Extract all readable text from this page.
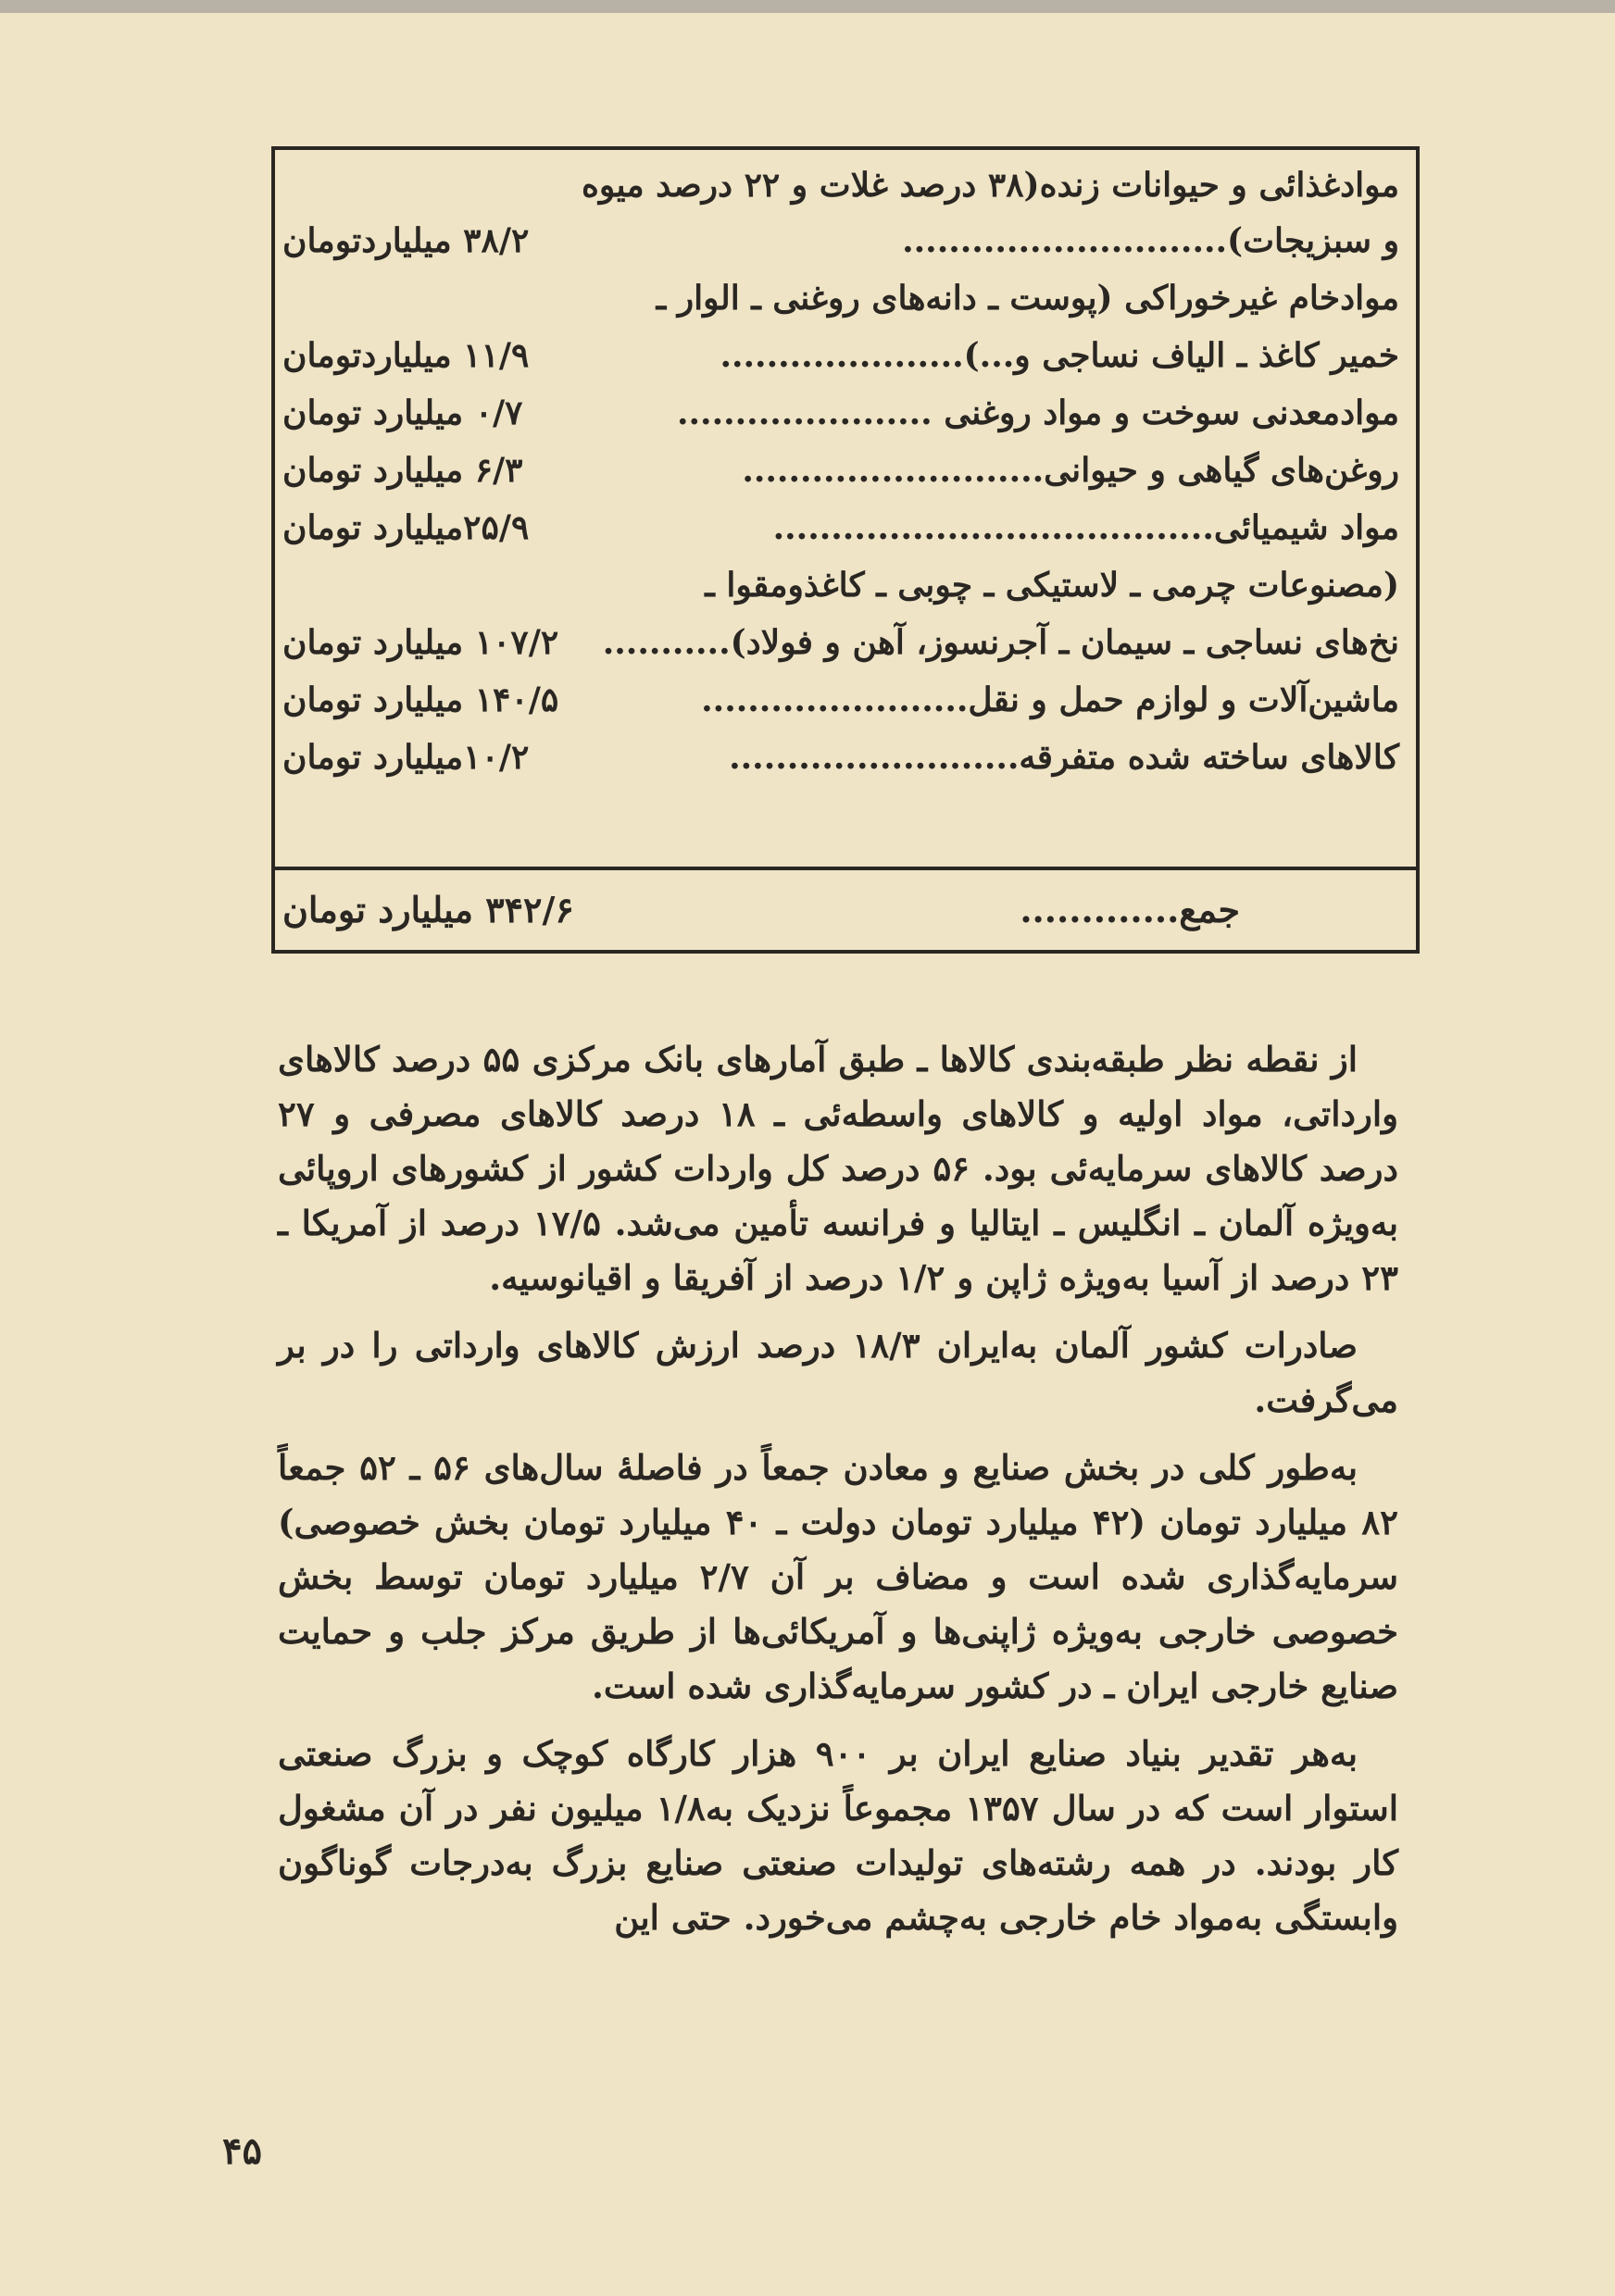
موادغذائی و حیوانات زنده(۳۸ درصد غلات و ۲۲ درصد میوه
و سبزیجات)............................
۳۸/۲ میلیاردتومان
موادخام غیرخوراکی (پوست ـ دانه‌های روغنی ـ الوار ـ
خمیر کاغذ ـ الیاف نساجی و...).....................
۱۱/۹ میلیاردتومان
موادمعدنی سوخت و مواد روغنی ......................
۰/۷ میلیارد تومان
روغن‌های گیاهی و حیوانی..........................
۶/۳ میلیارد تومان
مواد شیمیائی......................................
۲۵/۹میلیارد تومان
(مصنوعات چرمی ـ لاستیکی ـ چوبی ـ کاغذومقوا ـ
نخ‌های نساجی ـ سیمان ـ آجرنسوز، آهن و فولاد)...........
۱۰۷/۲ میلیارد تومان
ماشین‌آلات و لوازم حمل و نقل.......................
۱۴۰/۵ میلیارد تومان
کالاهای ساخته شده متفرقه.........................
۱۰/۲میلیارد تومان
جمع.............
۳۴۲/۶ میلیارد تومان

از نقطه نظر طبقه‌بندی کالاها ـ طبق آمارهای بانک مرکزی ۵۵ درصد کالاهای وارداتی، مواد اولیه و کالاهای واسطه‌ئی ـ ۱۸ درصد کالاهای مصرفی و ۲۷ درصد کالاهای سرمایه‌ئی بود. ۵۶ درصد کل واردات کشور از کشورهای اروپائی به‌ویژه آلمان ـ انگلیس ـ ایتالیا و فرانسه تأمین می‌شد. ۱۷/۵ درصد از آمریکا ـ ۲۳ درصد از آسیا به‌ویژه ژاپن و ۱/۲ درصد از آفریقا و اقیانوسیه.

صادرات کشور آلمان به‌ایران ۱۸/۳ درصد ارزش کالاهای وارداتی را در بر می‌گرفت.

به‌طور کلی در بخش صنایع و معادن جمعاً در فاصلهٔ سال‌های ۵۶ ـ ۵۲ جمعاً ۸۲ میلیارد تومان (۴۲ میلیارد تومان دولت ـ ۴۰ میلیارد تومان بخش خصوصی) سرمایه‌گذاری شده است و مضاف بر آن ۲/۷ میلیارد تومان توسط بخش خصوصی خارجی به‌ویژه ژاپنی‌ها و آمریکائی‌ها از طریق مرکز جلب و حمایت صنایع خارجی ایران ـ در کشور سرمایه‌گذاری شده است.

به‌هر تقدیر بنیاد صنایع ایران بر ۹۰۰ هزار کارگاه کوچک و بزرگ صنعتی استوار است که در سال ۱۳۵۷ مجموعاً نزدیک به‌۱/۸ میلیون نفر در آن مشغول کار بودند. در همه رشته‌های تولیدات صنعتی صنایع بزرگ به‌درجات گوناگون وابستگی به‌مواد خام خارجی به‌چشم می‌خورد. حتی این

۴۵
